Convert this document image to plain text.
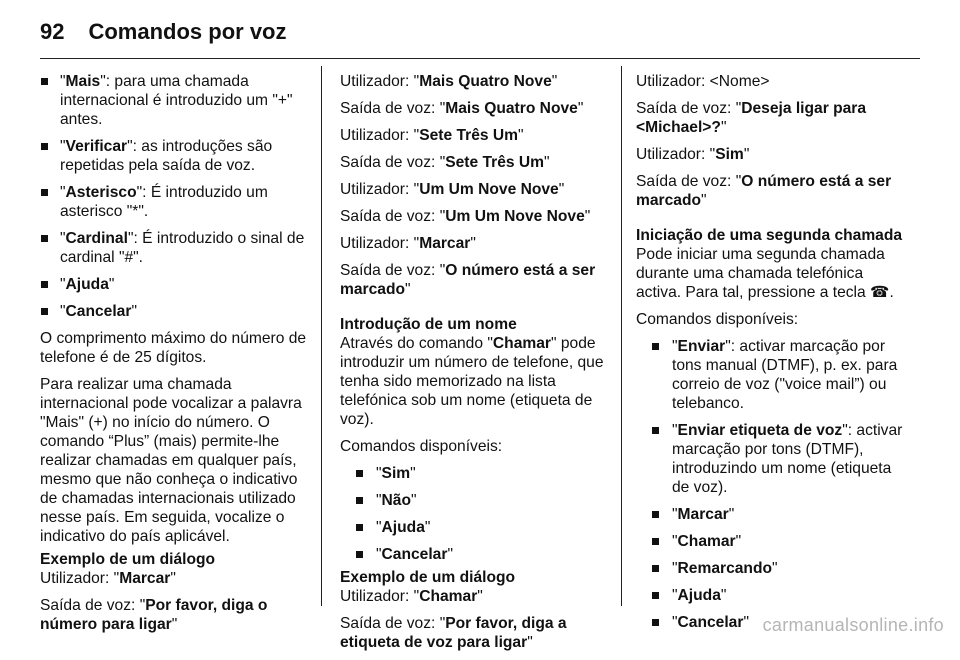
92 Comandos por voz
"Mais": para uma chamada internacional é introduzido um "+" antes.
"Verificar": as introduções são repetidas pela saída de voz.
"Asterisco": É introduzido um asterisco "*".
"Cardinal": É introduzido o sinal de cardinal "#".
"Ajuda"
"Cancelar"

O comprimento máximo do número de telefone é de 25 dígitos.

Para realizar uma chamada internacional pode vocalizar a palavra "Mais" (+) no início do número. O comando “Plus” (mais) permite-lhe realizar chamadas em qualquer país, mesmo que não conheça o indicativo de chamadas internacionais utilizado nesse país. Em seguida, vocalize o indicativo do país aplicável.

Exemplo de um diálogo

Utilizador: "Marcar"

Saída de voz: "Por favor, diga o número para ligar"

Utilizador: "Mais Quatro Nove"

Saída de voz: "Mais Quatro Nove"

Utilizador: "Sete Três Um"

Saída de voz: "Sete Três Um"

Utilizador: "Um Um Nove Nove"

Saída de voz: "Um Um Nove Nove"

Utilizador: "Marcar"

Saída de voz: "O número está a ser marcado"

Introdução de um nome

Através do comando "Chamar" pode introduzir um número de telefone, que tenha sido memorizado na lista telefónica sob um nome (etiqueta de voz).

Comandos disponíveis:

"Sim"
"Não"
"Ajuda"
"Cancelar"
Exemplo de um diálogo

Utilizador: "Chamar"

Saída de voz: "Por favor, diga a etiqueta de voz para ligar"

Utilizador: <Nome>

Saída de voz: "Deseja ligar para <Michael>?"

Utilizador: "Sim"

Saída de voz: "O número está a ser marcado"

Iniciação de uma segunda chamada

Pode iniciar uma segunda chamada durante uma chamada telefónica activa. Para tal, pressione a tecla ☎.

Comandos disponíveis:

"Enviar": activar marcação por tons manual (DTMF), p. ex. para correio de voz ("voice mail”) ou telebanco.
"Enviar etiqueta de voz": activar marcação por tons (DTMF), introduzindo um nome (etiqueta de voz).
"Marcar"
"Chamar"
"Remarcando"
"Ajuda"
"Cancelar" carmanualsonline.info
